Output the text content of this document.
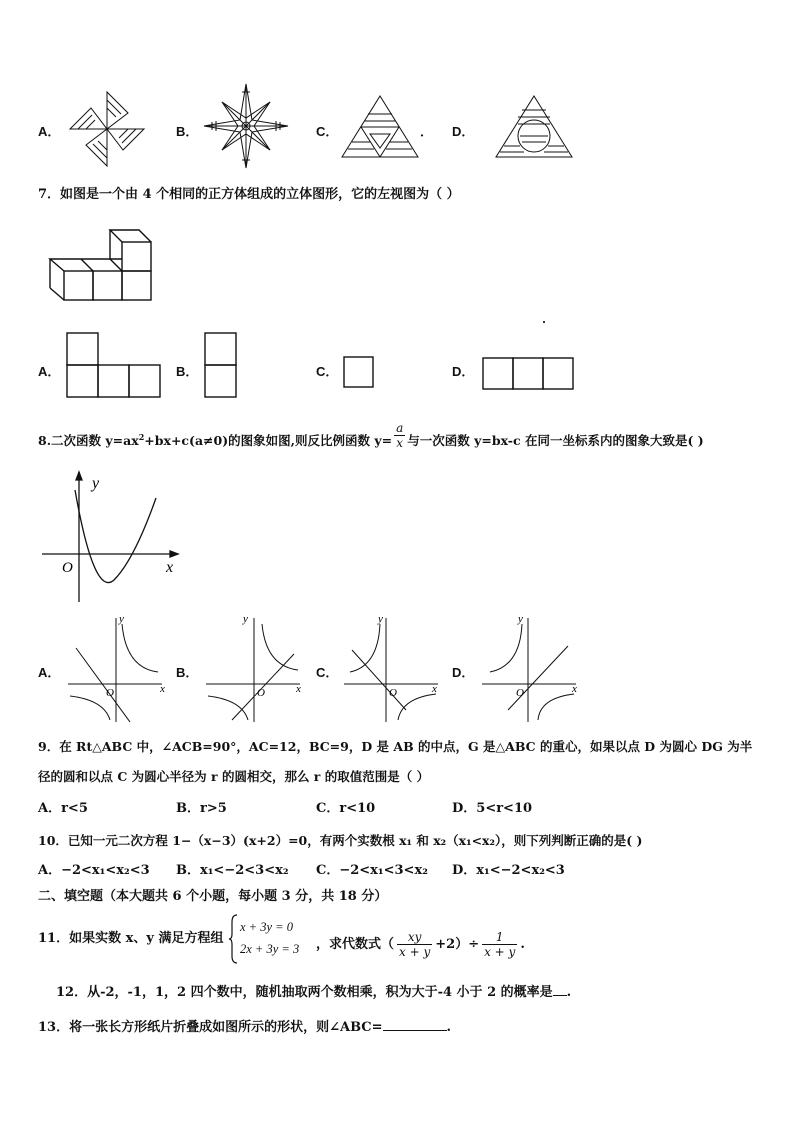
A．	B．	C．	． D．
7．如图是一个由 4 个相同的正方体组成的立体图形，它的左视图为（ ）
A．	B．	C．	D．
8.二次函数 $y=ax^2+bx+c(a\ne 0)$的图象如图,则反比例函数 $y= \frac{a}{x}$ 与一次函数 y=bx-c 在同一坐标系内的图象大致是( )
y
x
O
A．
y
x
O
B．
y
x
O
C．
y
x
O
D．
y
x
O
9．在 Rt△ABC 中，∠ACB=90°，AC=12，BC=9，D 是 AB 的中点，G 是△ABC 的重心，如果以点 D 为圆心 DG 为半
径的圆和以点 C 为圆心半径为 r 的圆相交，那么 r 的取值范围是（ ）
A．r<5	B．r>5	C．r<10	D．5<r<10
10．已知一元二次方程 1−（x−3）(x+2）=0，有两个实数根 x₁ 和 x₂（x₁<x₂），则下列判断正确的是( )
A．−2<x₁<x₂<3 B．x₁<−2<3<x₂ C．−2<x₁<3<x₂ D．x₁<−2<x₂<3
二、填空题（本大题共 6 个小题，每小题 3 分，共 18 分）
11．如果实数 x、y 满足方程组
x + 3y = 0
2x + 3y = 3 ，求代数式（ $\frac{xy}{x + y} +2)\div \frac{1}{x + y}$ .
12．从-2，-1，1，2 四个数中，随机抽取两个数相乘，积为大于-4 小于 2 的概率是 .
13．将一张长方形纸片折叠成如图所示的形状，则∠ABC=	.
